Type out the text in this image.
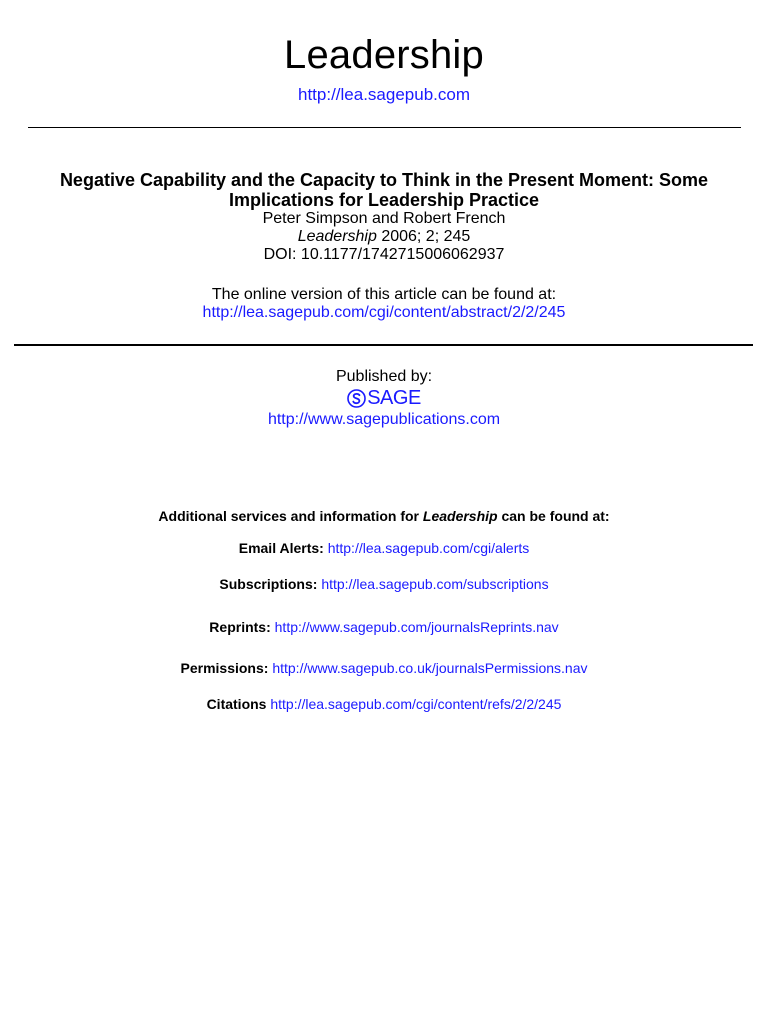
Leadership
http://lea.sagepub.com
Negative Capability and the Capacity to Think in the Present Moment: Some
Implications for Leadership Practice
Peter Simpson and Robert French
Leadership 2006; 2; 245
DOI: 10.1177/1742715006062937
The online version of this article can be found at:
http://lea.sagepub.com/cgi/content/abstract/2/2/245
Published by:
SAGE
http://www.sagepublications.com
Additional services and information for Leadership can be found at:
Email Alerts: http://lea.sagepub.com/cgi/alerts
Subscriptions: http://lea.sagepub.com/subscriptions
Reprints: http://www.sagepub.com/journalsReprints.nav
Permissions: http://www.sagepub.co.uk/journalsPermissions.nav
Citations http://lea.sagepub.com/cgi/content/refs/2/2/245
